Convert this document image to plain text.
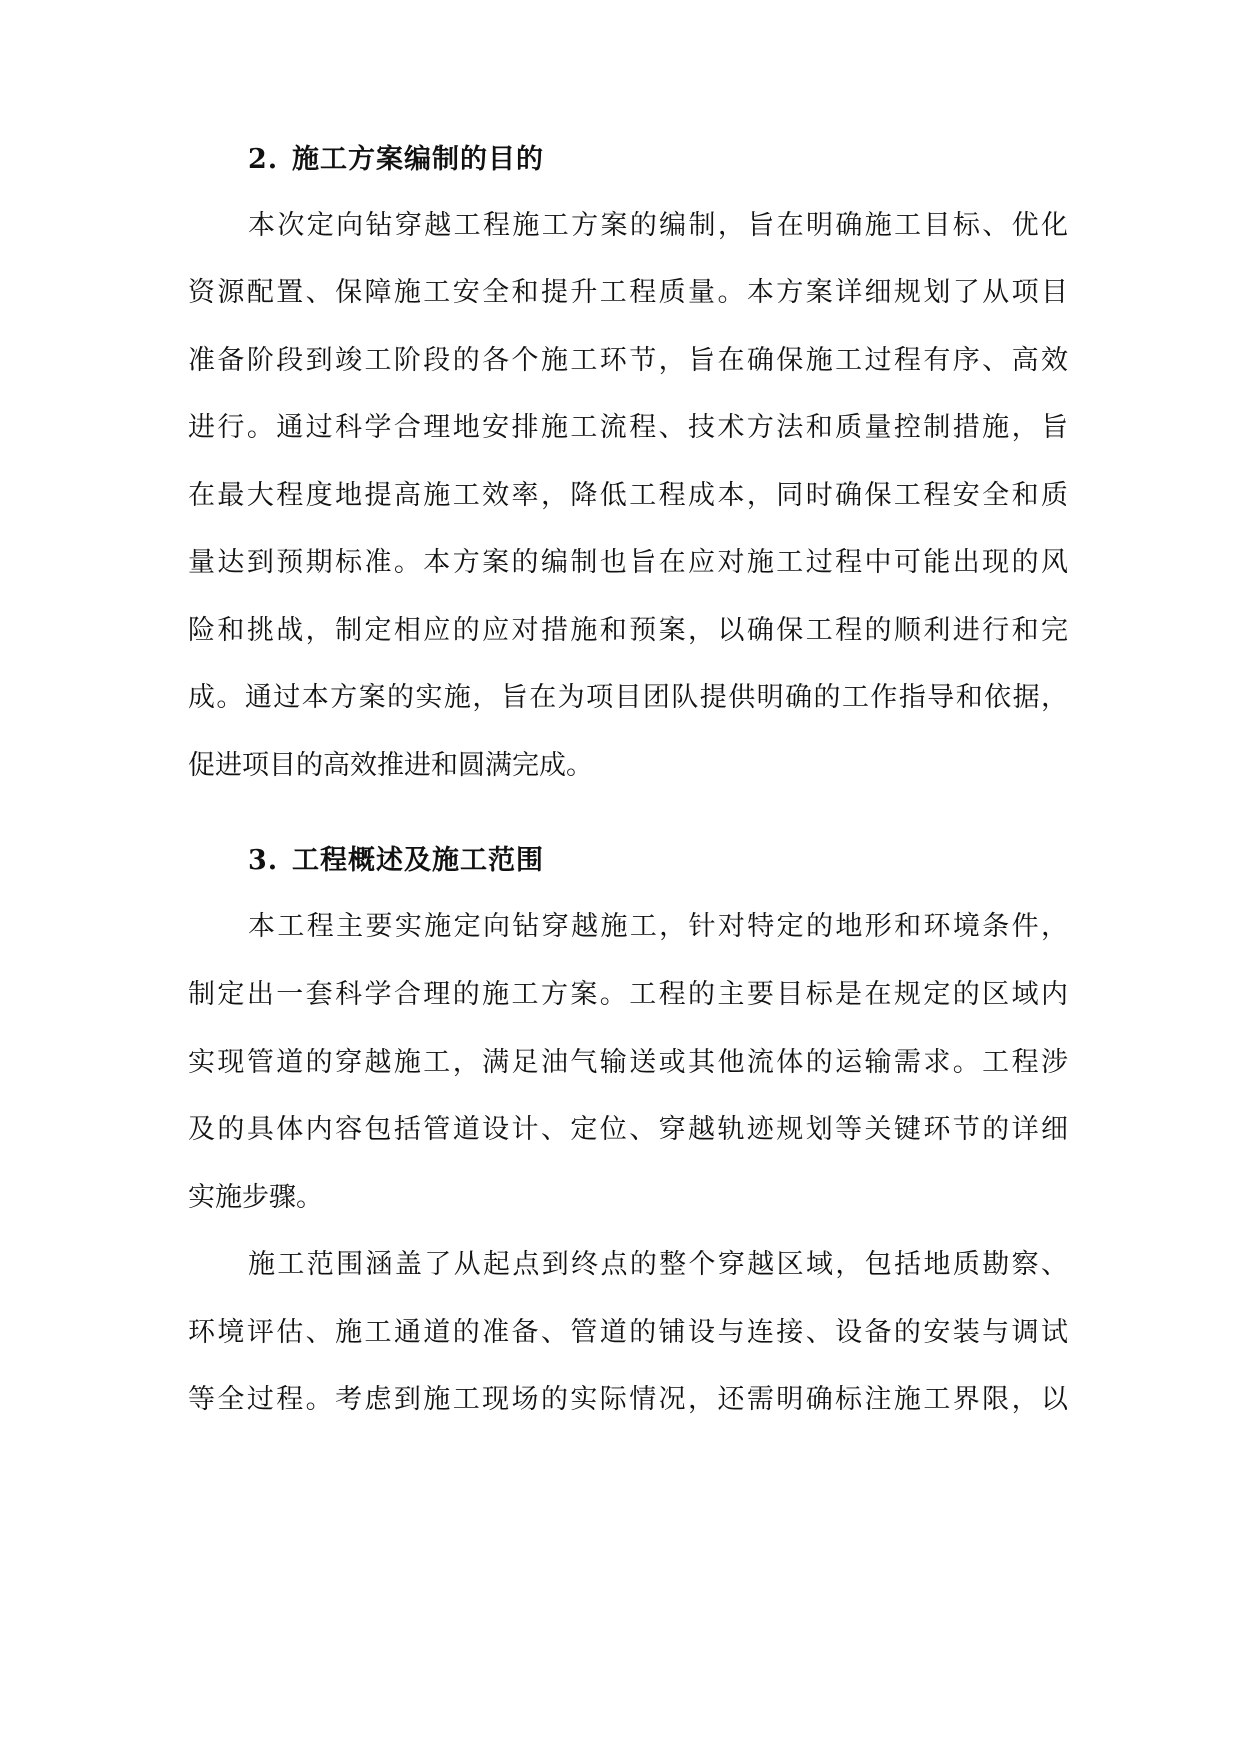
2. 施工方案编制的目的
本次定向钻穿越工程施工方案的编制，旨在明确施工目标、优化
资源配置、保障施工安全和提升工程质量。本方案详细规划了从项目
准备阶段到竣工阶段的各个施工环节，旨在确保施工过程有序、高效
进行。通过科学合理地安排施工流程、技术方法和质量控制措施，旨
在最大程度地提高施工效率，降低工程成本，同时确保工程安全和质
量达到预期标准。本方案的编制也旨在应对施工过程中可能出现的风
险和挑战，制定相应的应对措施和预案，以确保工程的顺利进行和完
成。通过本方案的实施，旨在为项目团队提供明确的工作指导和依据，
促进项目的高效推进和圆满完成。
3. 工程概述及施工范围
本工程主要实施定向钻穿越施工，针对特定的地形和环境条件，
制定出一套科学合理的施工方案。工程的主要目标是在规定的区域内
实现管道的穿越施工，满足油气输送或其他流体的运输需求。工程涉
及的具体内容包括管道设计、定位、穿越轨迹规划等关键环节的详细
实施步骤。
施工范围涵盖了从起点到终点的整个穿越区域，包括地质勘察、
环境评估、施工通道的准备、管道的铺设与连接、设备的安装与调试
等全过程。考虑到施工现场的实际情况，还需明确标注施工界限，以
